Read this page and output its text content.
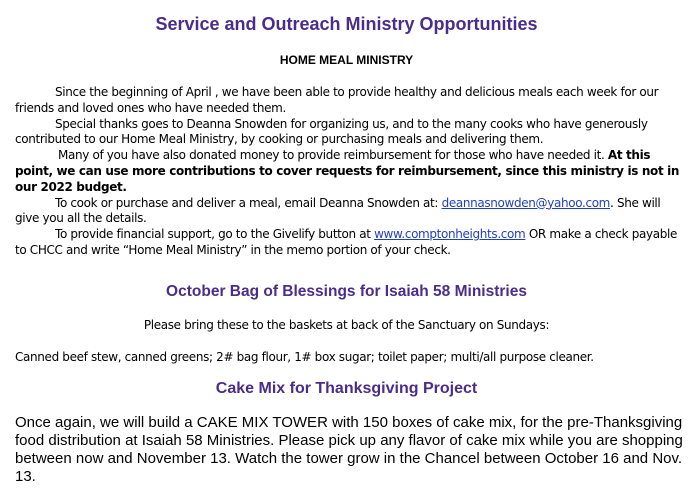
Service and Outreach Ministry Opportunities
HOME MEAL MINISTRY

Since the beginning of April , we have been able to provide healthy and delicious meals each week for our friends and loved ones who have needed them.

Special thanks goes to Deanna Snowden for organizing us, and to the many cooks who have generously contributed to our Home Meal Ministry, by cooking or purchasing meals and delivering them.

Many of you have also donated money to provide reimbursement for those who have needed it. At this point, we can use more contributions to cover requests for reimbursement, since this ministry is not in our 2022 budget.

To cook or purchase and deliver a meal, email Deanna Snowden at: deannasnowden@yahoo.com. She will give you all the details.

To provide financial support, go to the Givelify button at www.comptonheights.com OR make a check payable to CHCC and write “Home Meal Ministry” in the memo portion of your check.

October Bag of Blessings for Isaiah 58 Ministries

Please bring these to the baskets at back of the Sanctuary on Sundays:

Canned beef stew, canned greens; 2# bag flour, 1# box sugar; toilet paper; multi/all purpose cleaner.

Cake Mix for Thanksgiving Project

Once again, we will build a CAKE MIX TOWER with 150 boxes of cake mix, for the pre-Thanksgiving food distribution at Isaiah 58 Ministries. Please pick up any flavor of cake mix while you are shopping between now and November 13. Watch the tower grow in the Chancel between October 16 and Nov. 13.
